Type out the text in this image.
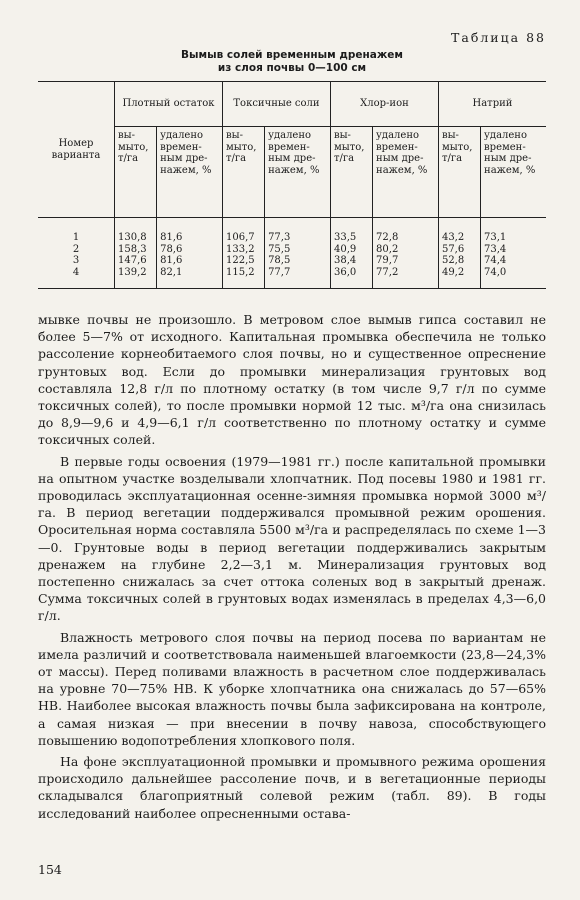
Таблица 88
Вымыв солей временным дренажем
из слоя почвы 0—100 см
Номер варианта	Плотный остаток		Токсичные соли		Хлор-ион		Натрий	
	вы- мыто, т/га	удалено времен- ным дре- нажем, %	вы- мыто, т/га	удалено времен- ным дре- нажем, %	вы- мыто, т/га	удалено времен- ным дре- нажем, %	вы- мыто, т/га	удалено времен- ным дре- нажем, %
1	130,8	81,6	106,7	77,3	33,5	72,8	43,2	73,1
2	158,3	78,6	133,2	75,5	40,9	80,2	57,6	73,4
3	147,6	81,6	122,5	78,5	38,4	79,7	52,8	74,4
4	139,2	82,1	115,2	77,7	36,0	77,2	49,2	74,0

мывке почвы не произошло. В метровом слое вымыв гипса составил не более 5—7% от исходного. Капитальная промывка обеспечила не только рассоление корнеобитаемого слоя почвы, но и существенное опреснение грунтовых вод. Если до промывки минерализация грунтовых вод составляла 12,8 г/л по плотному остатку (в том числе 9,7 г/л по сумме токсичных солей), то после промывки нормой 12 тыс. м³/га она снизилась до 8,9—9,6 и 4,9—6,1 г/л соответственно по плотному остатку и сумме токсичных солей.

В первые годы освоения (1979—1981 гг.) после капитальной промывки на опытном участке возделывали хлопчатник. Под посевы 1980 и 1981 гг. проводилась эксплуатационная осенне-зимняя промывка нормой 3000 м³/га. В период вегетации поддерживался промывной режим орошения. Оросительная норма составляла 5500 м³/га и распределялась по схеме 1—3—0. Грунтовые воды в период вегетации поддерживались закрытым дренажем на глубине 2,2—3,1 м. Минерализация грунтовых вод постепенно снижалась за счет оттока соленых вод в закрытый дренаж. Сумма токсичных солей в грунтовых водах изменялась в пределах 4,3—6,0 г/л.

Влажность метрового слоя почвы на период посева по вариантам не имела различий и соответствовала наименьшей влагоемкости (23,8—24,3% от массы). Перед поливами влажность в расчетном слое поддерживалась на уровне 70—75% НВ. К уборке хлопчатника она снижалась до 57—65% НВ. Наиболее высокая влажность почвы была зафиксирована на контроле, а самая низкая — при внесении в почву навоза, способствующего повышению водопотребления хлопкового поля.

На фоне эксплуатационной промывки и промывного режима орошения происходило дальнейшее рассоление почв, и в вегетационные периоды складывался благоприятный солевой режим (табл. 89). В годы исследований наиболее опресненными остава-

154
